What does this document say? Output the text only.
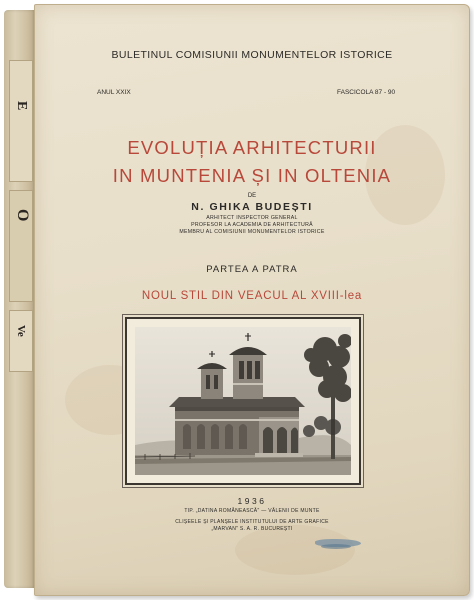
E
O
Ve

BULETINUL COMISIUNII MONUMENTELOR ISTORICE

ANUL XXIX	FASCICOLA 87 - 90

EVOLUȚIA ARHITECTURII

IN MUNTENIA ȘI IN OLTENIA

DE

N. GHIKA BUDEȘTI

ARHITECT INSPECTOR GENERAL

PROFESOR LA ACADEMIA DE ARHITECTURĂ

MEMBRU AL COMISIUNII MONUMENTELOR ISTORICE

PARTEA A PATRA

NOUL STIL DIN VEACUL AL XVIII-lea

1936

TIP. „DATINA ROMÂNEASCĂ" — VĂLENII DE MUNTE

CLIȘEELE ȘI PLANȘELE INSTITUTULUI DE ARTE GRAFICE

„MARVAN" S. A. R. BUCUREȘTI
